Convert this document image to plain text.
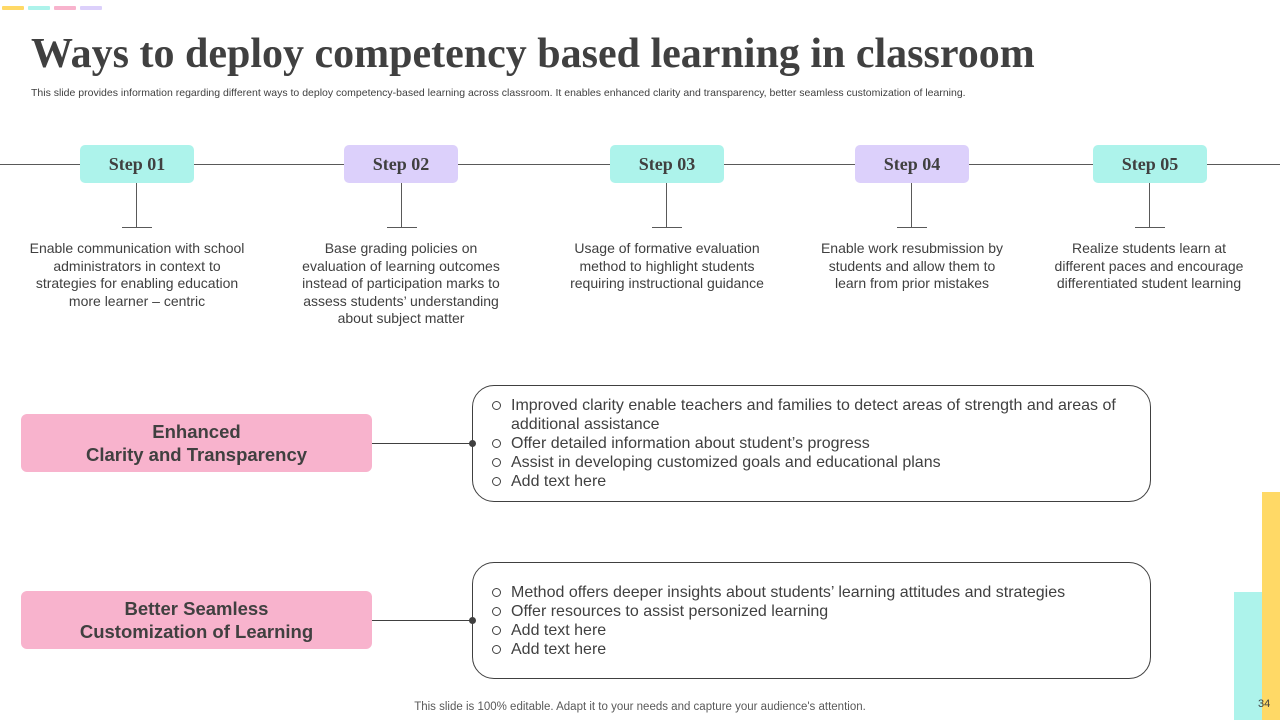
Ways to deploy competency based learning in classroom

This slide provides information regarding different ways to deploy competency-based learning across classroom. It enables enhanced clarity and transparency, better seamless customization of learning.

Step 01	Step 02	Step 03	Step 04	Step 05

Enable communication with school administrators in context to strategies for enabling education more learner – centric

Base grading policies on evaluation of learning outcomes instead of participation marks to assess students’ understanding about subject matter

Usage of formative evaluation method to highlight students requiring instructional guidance

Enable work resubmission by students and allow them to learn from prior mistakes

Realize students learn at different paces and encourage differentiated student learning

Enhanced
Clarity and Transparency
Improved clarity enable teachers and families to detect areas of strength and areas of additional assistance
Offer detailed information about student’s progress
Assist in developing customized goals and educational plans
Add text here
Better Seamless
Customization of Learning
Method offers deeper insights about students’ learning attitudes and strategies
Offer resources to assist personized learning
Add text here
Add text here
This slide is 100% editable. Adapt it to your needs and capture your audience's attention.	34
